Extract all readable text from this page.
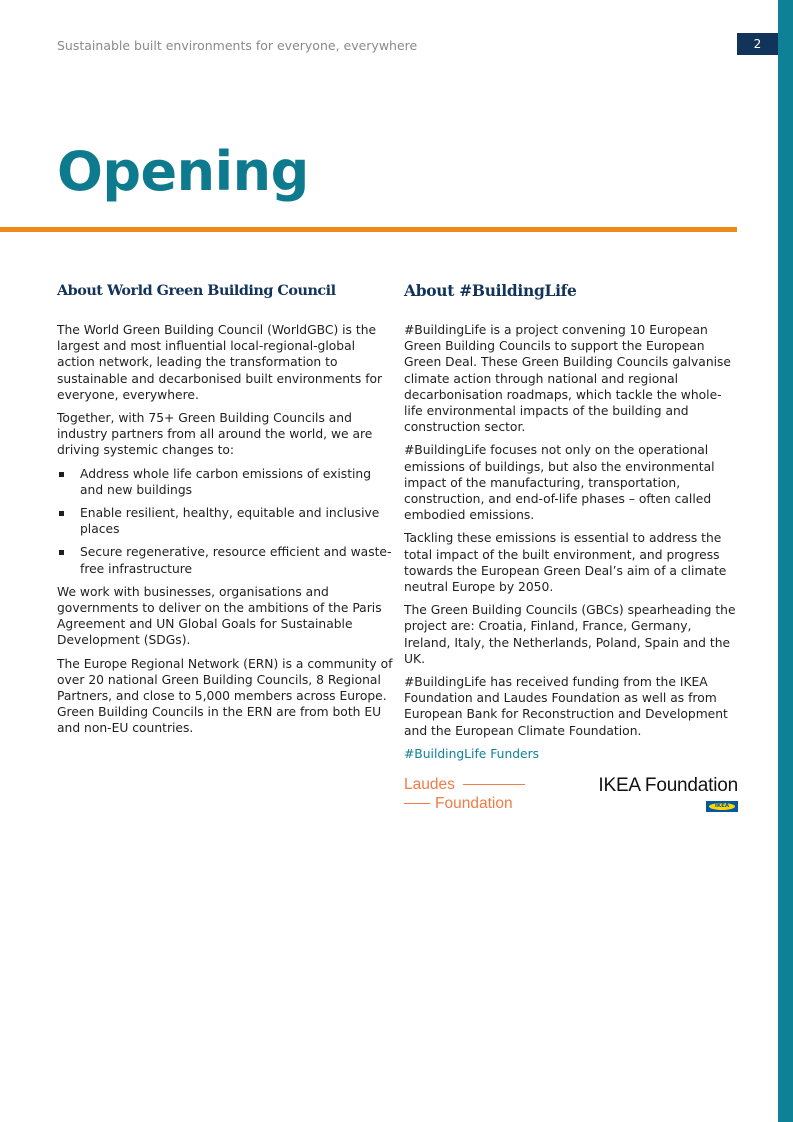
2
Sustainable built environments for everyone, everywhere
Opening
About World Green Building Council

The World Green Building Council (WorldGBC) is the largest and most influential local-regional-global action network, leading the transformation to sustainable and decarbonised built environments for everyone, everywhere.

Together, with 75+ Green Building Councils and industry partners from all around the world, we are driving systemic changes to:

Address whole life carbon emissions of existing and new buildings
Enable resilient, healthy, equitable and inclusive places
Secure regenerative, resource efficient and waste-free infrastructure

We work with businesses, organisations and governments to deliver on the ambitions of the Paris Agreement and UN Global Goals for Sustainable Development (SDGs).

The Europe Regional Network (ERN) is a community of over 20 national Green Building Councils, 8 Regional Partners, and close to 5,000 members across Europe. Green Building Councils in the ERN are from both EU and non-EU countries.

About #BuildingLife

#BuildingLife is a project convening 10 European Green Building Councils to support the European Green Deal. These Green Building Councils galvanise climate action through national and regional decarbonisation roadmaps, which tackle the whole-life environmental impacts of the building and construction sector.

#BuildingLife focuses not only on the operational emissions of buildings, but also the environmental impact of the manufacturing, transportation, construction, and end-of-life phases – often called embodied emissions.

Tackling these emissions is essential to address the total impact of the built environment, and progress towards the European Green Deal’s aim of a climate neutral Europe by 2050.

The Green Building Councils (GBCs) spearheading the project are: Croatia, Finland, France, Germany, Ireland, Italy, the Netherlands, Poland, Spain and the UK.

#BuildingLife has received funding from the IKEA Foundation and Laudes Foundation as well as from European Bank for Reconstruction and Development and the European Climate Foundation.

#BuildingLife Funders
Laudes
Foundation
IKEA Foundation
IKEA
